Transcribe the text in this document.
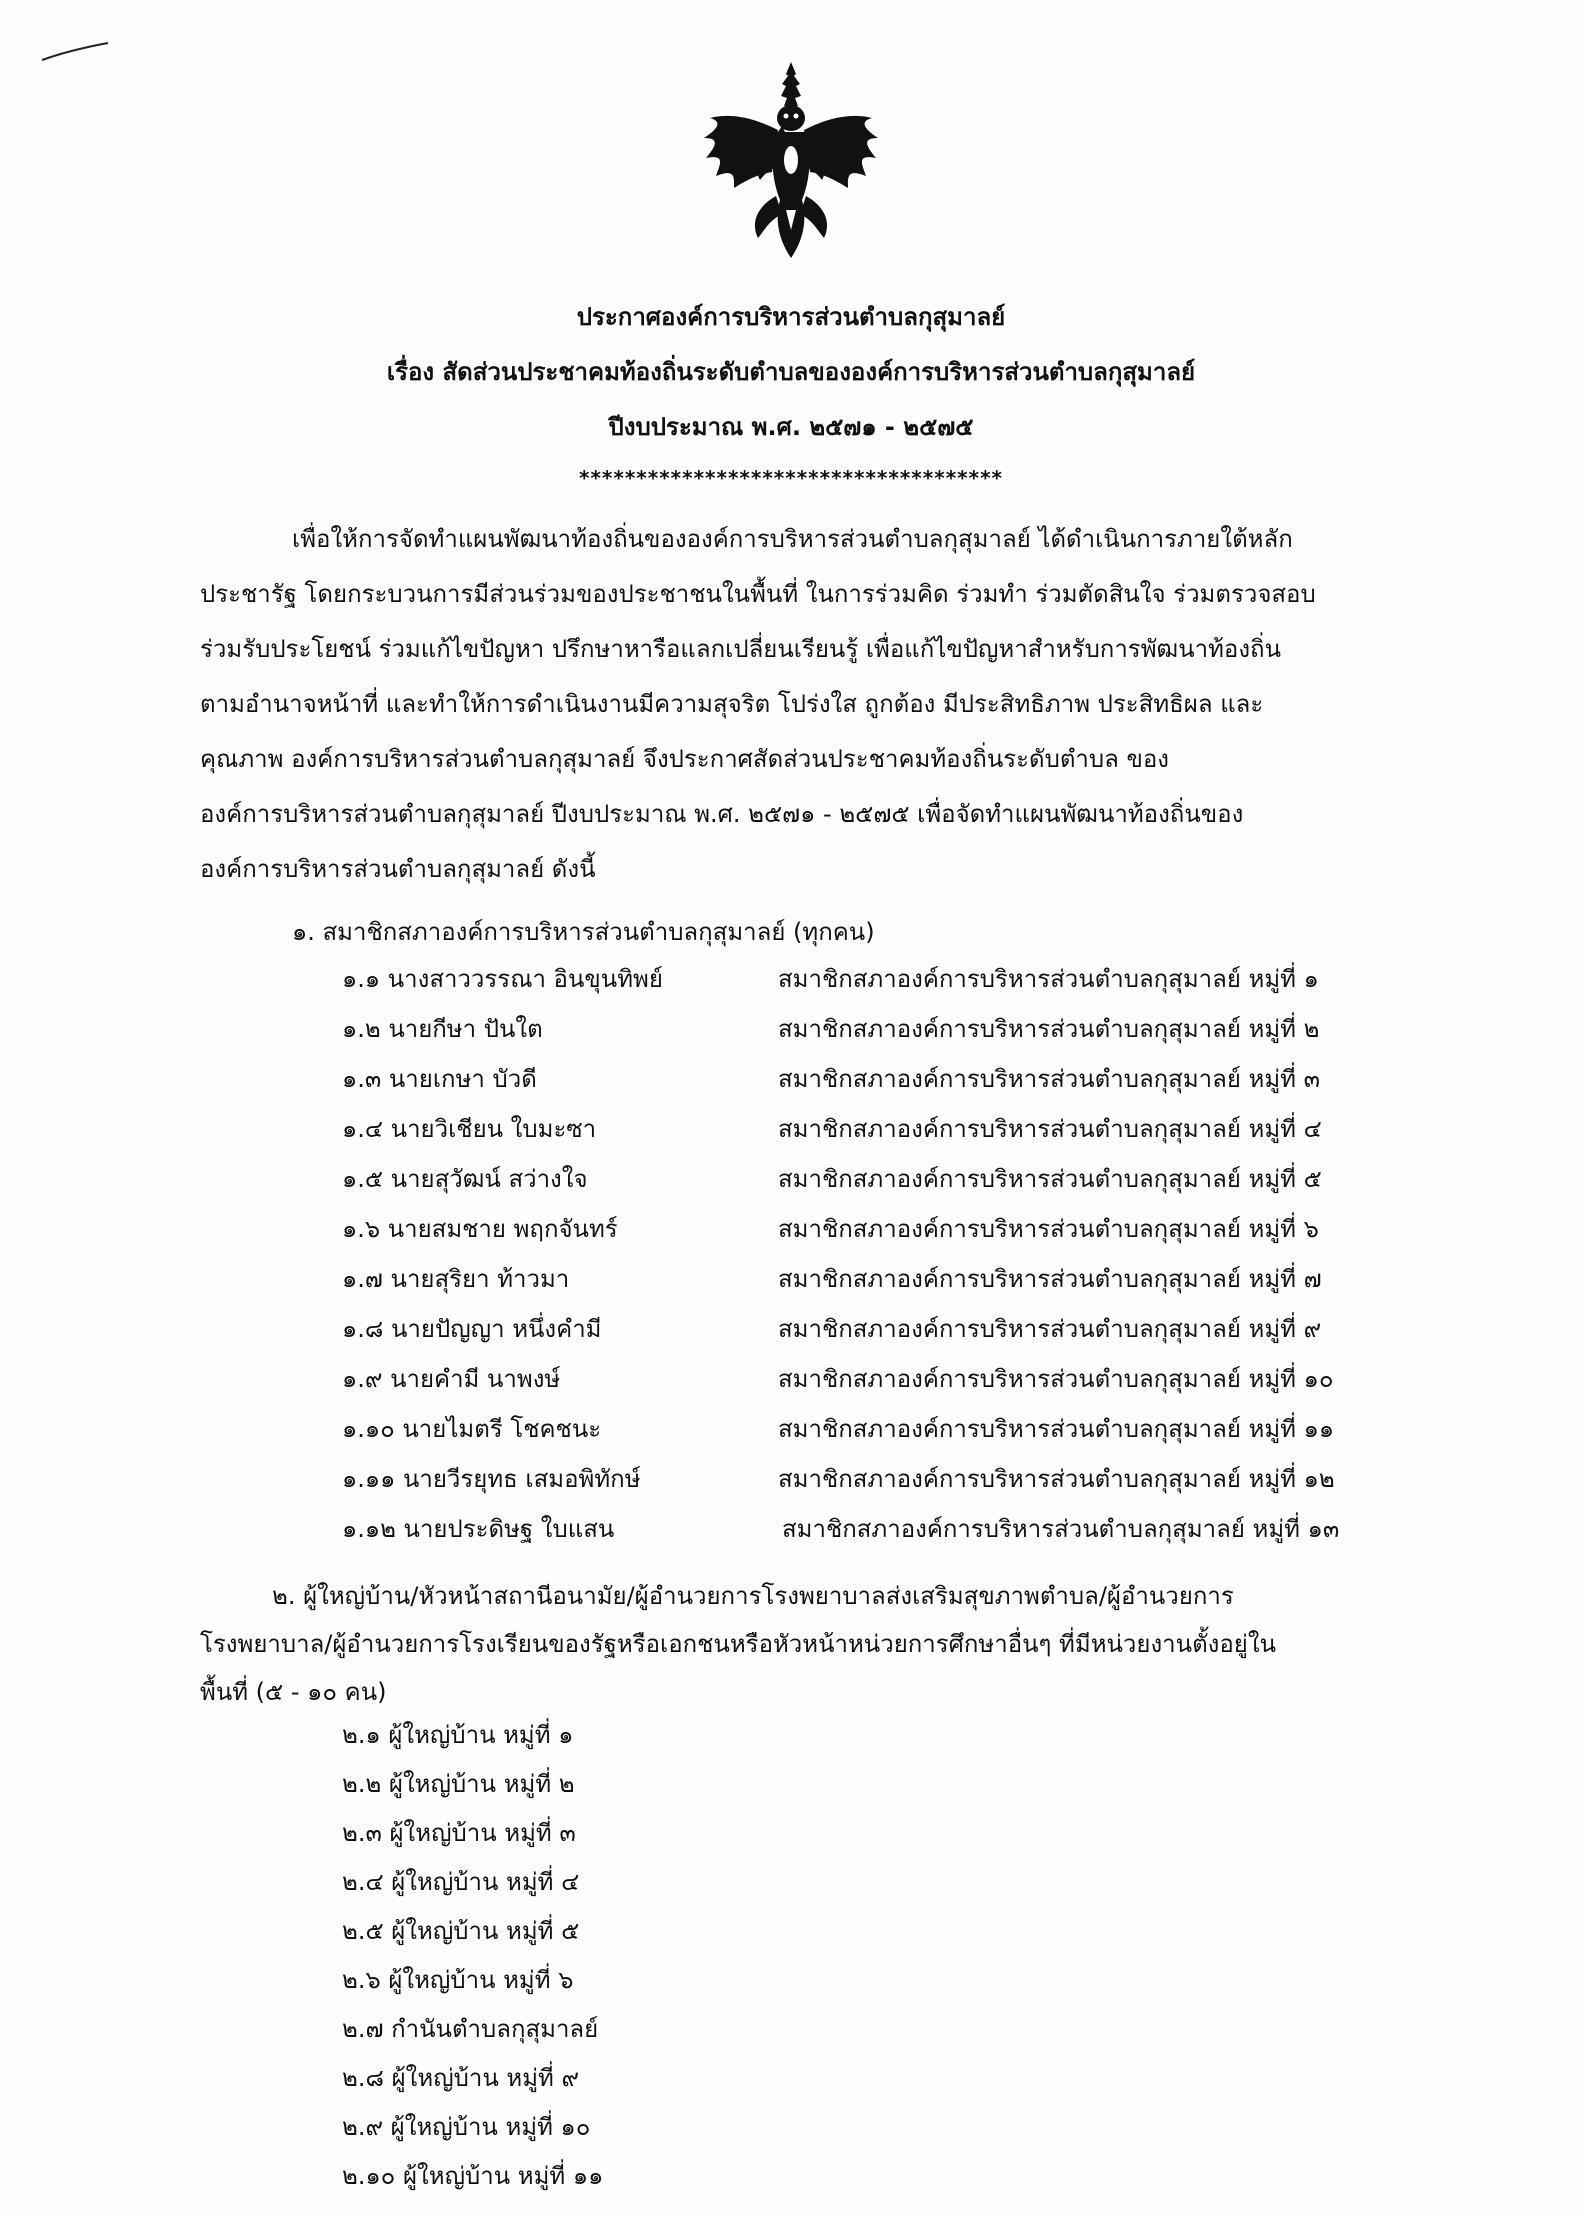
ประกาศองค์การบริหารส่วนตำบลกุสุมาลย์
เรื่อง สัดส่วนประชาคมท้องถิ่นระดับตำบลขององค์การบริหารส่วนตำบลกุสุมาลย์
ปีงบประมาณ พ.ศ. ๒๕๗๑ - ๒๕๗๕
*************************************
เพื่อให้การจัดทำแผนพัฒนาท้องถิ่นขององค์การบริหารส่วนตำบลกุสุมาลย์ ได้ดำเนินการภายใต้หลัก
ประชารัฐ โดยกระบวนการมีส่วนร่วมของประชาชนในพื้นที่ ในการร่วมคิด ร่วมทำ ร่วมตัดสินใจ ร่วมตรวจสอบ
ร่วมรับประโยชน์ ร่วมแก้ไขปัญหา ปรึกษาหารือแลกเปลี่ยนเรียนรู้ เพื่อแก้ไขปัญหาสำหรับการพัฒนาท้องถิ่น
ตามอำนาจหน้าที่ และทำให้การดำเนินงานมีความสุจริต โปร่งใส ถูกต้อง มีประสิทธิภาพ ประสิทธิผล และ
คุณภาพ องค์การบริหารส่วนตำบลกุสุมาลย์ จึงประกาศสัดส่วนประชาคมท้องถิ่นระดับตำบล ของ
องค์การบริหารส่วนตำบลกุสุมาลย์ ปีงบประมาณ พ.ศ. ๒๕๗๑ - ๒๕๗๕ เพื่อจัดทำแผนพัฒนาท้องถิ่นของ
องค์การบริหารส่วนตำบลกุสุมาลย์ ดังนี้
๑. สมาชิกสภาองค์การบริหารส่วนตำบลกุสุมาลย์ (ทุกคน)
๑.๑ นางสาววรรณา อินขุนทิพย์	สมาชิกสภาองค์การบริหารส่วนตำบลกุสุมาลย์ หมู่ที่ ๑
๑.๒ นายกีษา ปันใต	สมาชิกสภาองค์การบริหารส่วนตำบลกุสุมาลย์ หมู่ที่ ๒
๑.๓ นายเกษา บัวดี	สมาชิกสภาองค์การบริหารส่วนตำบลกุสุมาลย์ หมู่ที่ ๓
๑.๔ นายวิเชียน ใบมะซา	สมาชิกสภาองค์การบริหารส่วนตำบลกุสุมาลย์ หมู่ที่ ๔
๑.๕ นายสุวัฒน์ สว่างใจ	สมาชิกสภาองค์การบริหารส่วนตำบลกุสุมาลย์ หมู่ที่ ๕
๑.๖ นายสมชาย พฤกจันทร์	สมาชิกสภาองค์การบริหารส่วนตำบลกุสุมาลย์ หมู่ที่ ๖
๑.๗ นายสุริยา ท้าวมา	สมาชิกสภาองค์การบริหารส่วนตำบลกุสุมาลย์ หมู่ที่ ๗
๑.๘ นายปัญญา หนึ่งคำมี	สมาชิกสภาองค์การบริหารส่วนตำบลกุสุมาลย์ หมู่ที่ ๙
๑.๙ นายคำมี นาพงษ์	สมาชิกสภาองค์การบริหารส่วนตำบลกุสุมาลย์ หมู่ที่ ๑๐
๑.๑๐ นายไมตรี โชคชนะ	สมาชิกสภาองค์การบริหารส่วนตำบลกุสุมาลย์ หมู่ที่ ๑๑
๑.๑๑ นายวีรยุทธ เสมอพิทักษ์	สมาชิกสภาองค์การบริหารส่วนตำบลกุสุมาลย์ หมู่ที่ ๑๒
๑.๑๒ นายประดิษฐ ใบแสน	สมาชิกสภาองค์การบริหารส่วนตำบลกุสุมาลย์ หมู่ที่ ๑๓
๒. ผู้ใหญ่บ้าน/หัวหน้าสถานีอนามัย/ผู้อำนวยการโรงพยาบาลส่งเสริมสุขภาพตำบล/ผู้อำนวยการ
โรงพยาบาล/ผู้อำนวยการโรงเรียนของรัฐหรือเอกชนหรือหัวหน้าหน่วยการศึกษาอื่นๆ ที่มีหน่วยงานตั้งอยู่ใน
พื้นที่ (๕ - ๑๐ คน)
๒.๑ ผู้ใหญ่บ้าน หมู่ที่ ๑
๒.๒ ผู้ใหญ่บ้าน หมู่ที่ ๒
๒.๓ ผู้ใหญ่บ้าน หมู่ที่ ๓
๒.๔ ผู้ใหญ่บ้าน หมู่ที่ ๔
๒.๕ ผู้ใหญ่บ้าน หมู่ที่ ๕
๒.๖ ผู้ใหญ่บ้าน หมู่ที่ ๖
๒.๗ กำนันตำบลกุสุมาลย์
๒.๘ ผู้ใหญ่บ้าน หมู่ที่ ๙
๒.๙ ผู้ใหญ่บ้าน หมู่ที่ ๑๐
๒.๑๐ ผู้ใหญ่บ้าน หมู่ที่ ๑๑
